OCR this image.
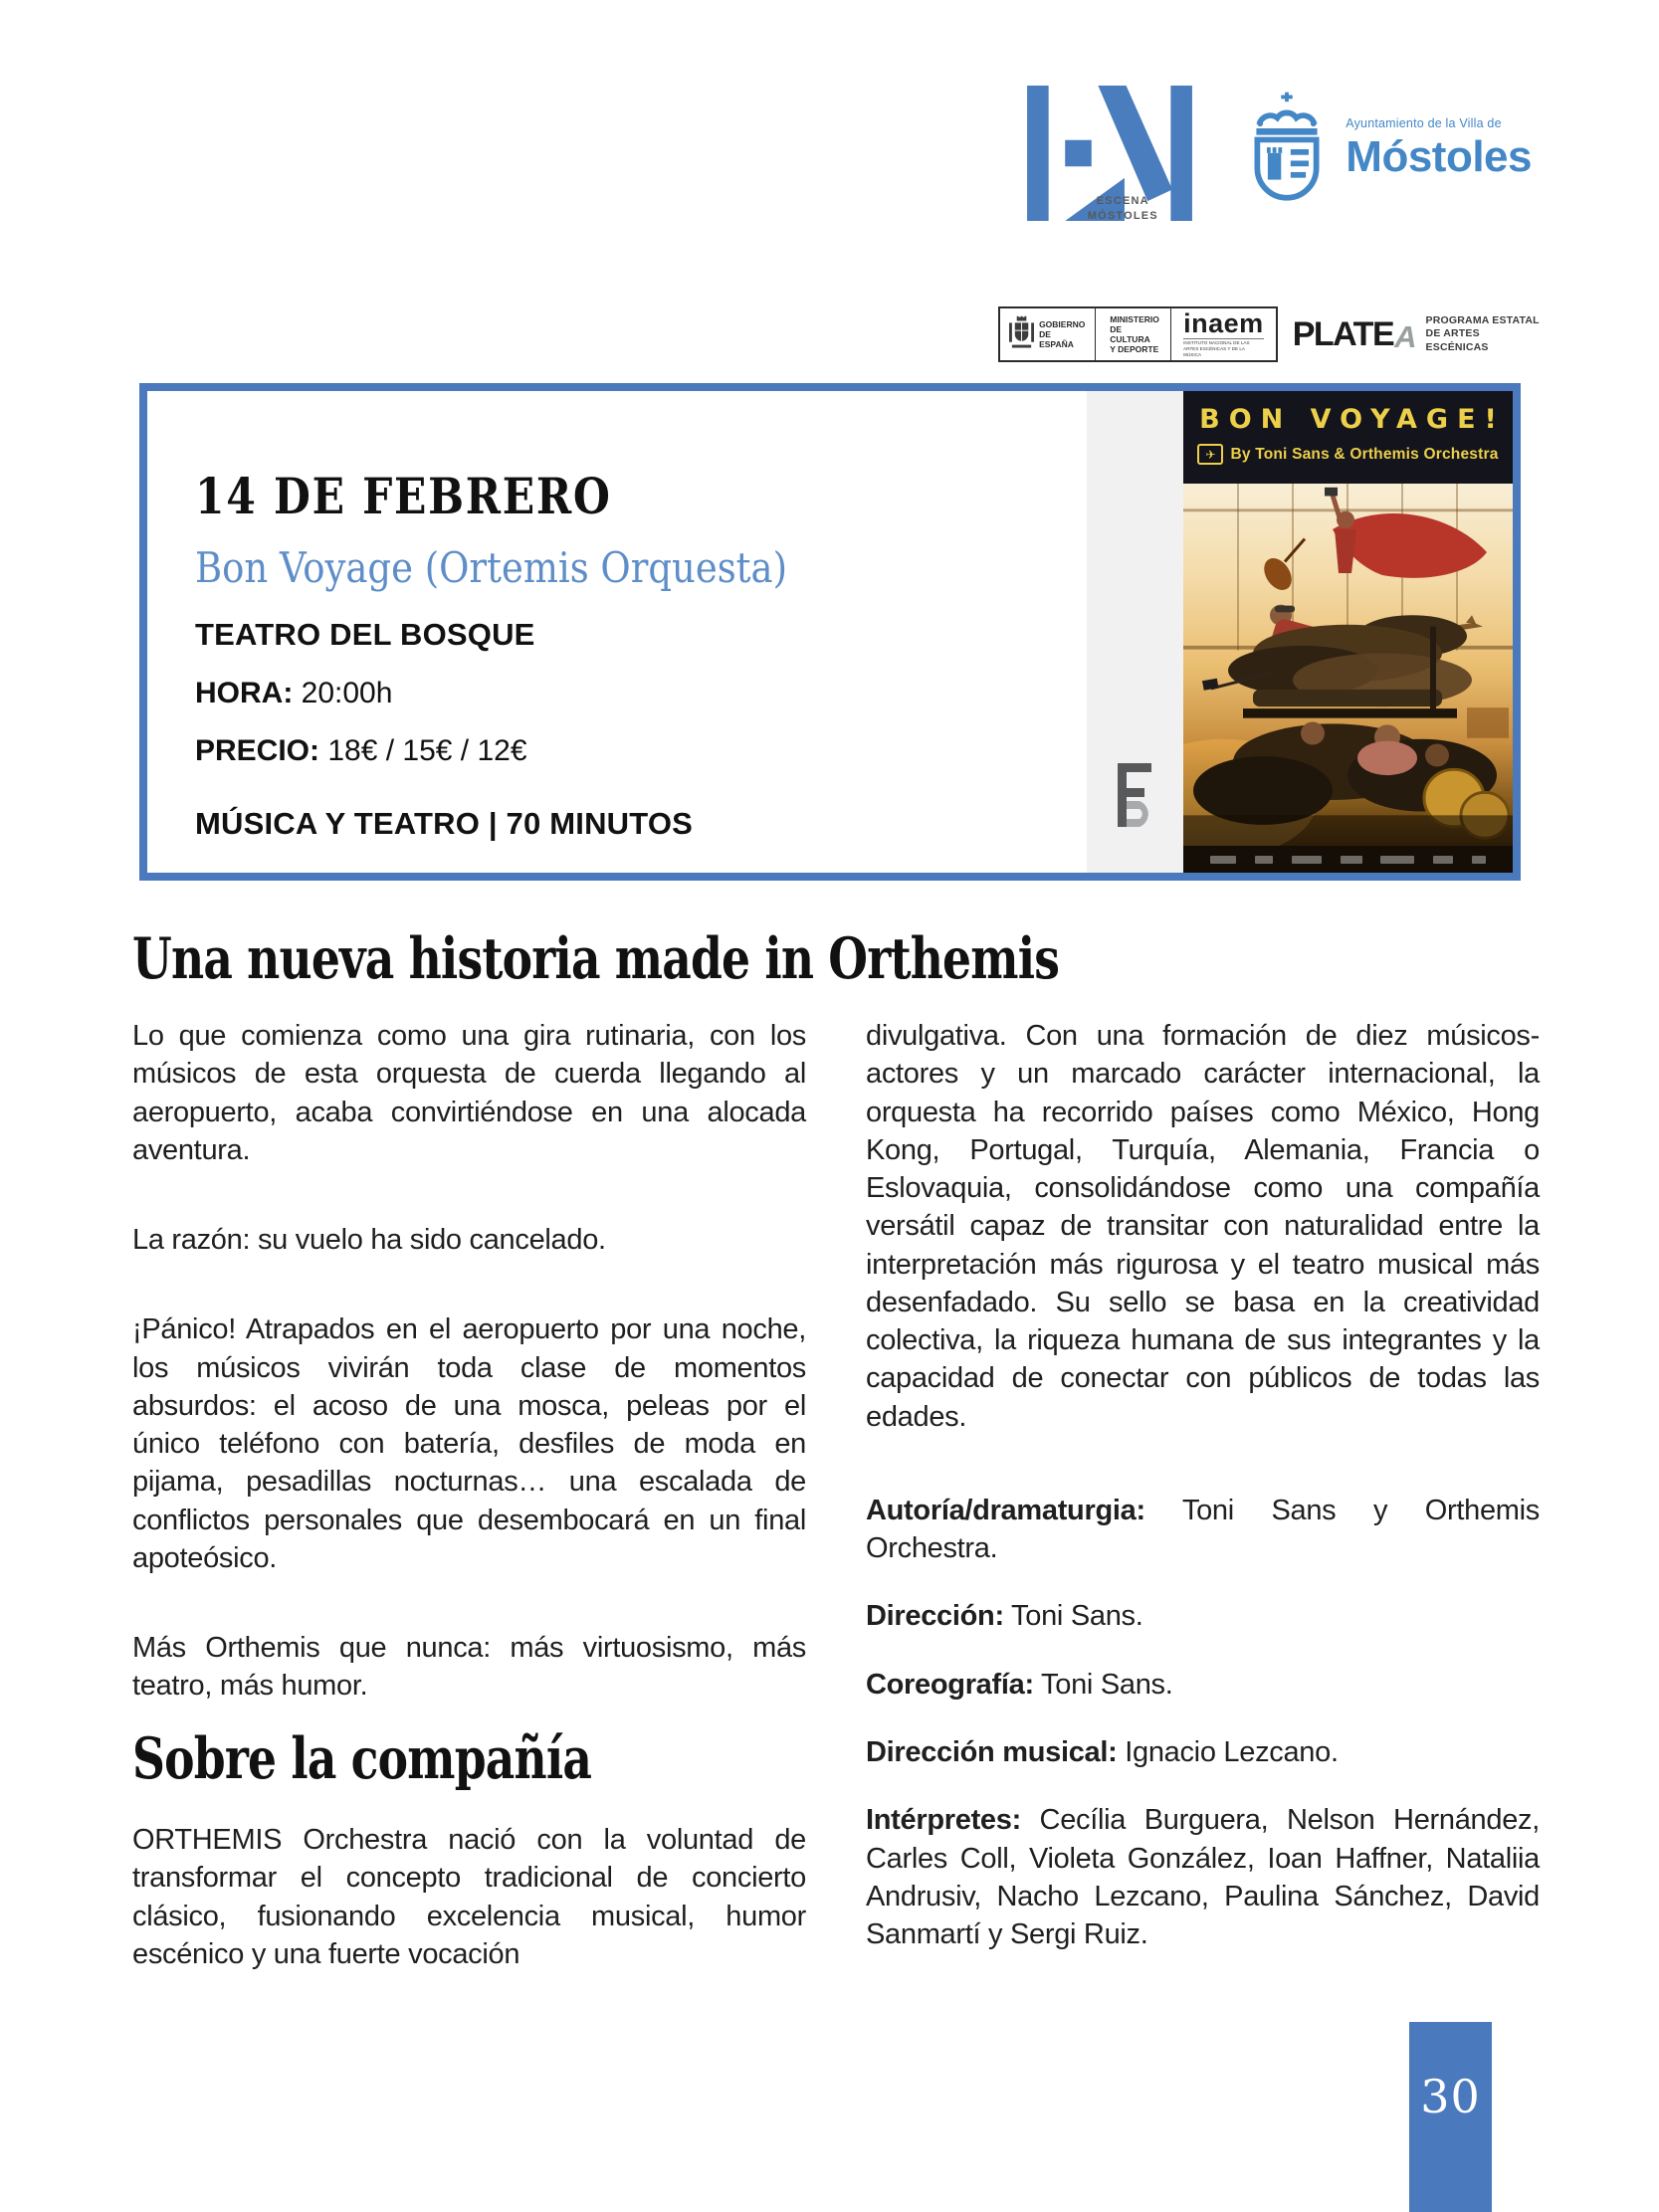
ESCENA
MÓSTOLES
Ayuntamiento de la Villa de
Móstoles
GOBIERNO
DE ESPAÑA
MINISTERIO
DE CULTURA
Y DEPORTE
inaem
INSTITUTO NACIONAL DE LAS
ARTES ESCÉNICAS Y DE LA MÚSICA
PLATE A PROGRAMA ESTATAL
DE ARTES ESCÉNICAS
14 DE FEBRERO
Bon Voyage (Ortemis Orquesta)
TEATRO DEL BOSQUE
HORA: 20:00h
PRECIO: 18€ / 15€ / 12€
MÚSICA Y TEATRO | 70 MINUTOS
BON VOYAGE!
✈ By Toni Sans & Orthemis Orchestra
Una nueva historia made in Orthemis

Lo que comienza como una gira rutinaria, con los músicos de esta orquesta de cuerda llegando al aeropuerto, acaba convirtiéndose en una alocada aventura.

La razón: su vuelo ha sido cancelado.

¡Pánico! Atrapados en el aeropuerto por una noche, los músicos vivirán toda clase de momentos absurdos: el acoso de una mosca, peleas por el único teléfono con batería, desfiles de moda en pijama, pesadillas nocturnas… una escalada de conflictos personales que desembocará en un final apoteósico.

Más Orthemis que nunca: más virtuosismo, más teatro, más humor.

Sobre la compañía

ORTHEMIS Orchestra nació con la voluntad de transformar el concepto tradicional de concierto clásico, fusionando excelencia musical, humor escénico y una fuerte vocación

divulgativa. Con una formación de diez músicos-actores y un marcado carácter internacional, la orquesta ha recorrido países como México, Hong Kong, Portugal, Turquía, Alemania, Francia o Eslovaquia, consolidándose como una compañía versátil capaz de transitar con naturalidad entre la interpretación más rigurosa y el teatro musical más desenfadado. Su sello se basa en la creatividad colectiva, la riqueza humana de sus integrantes y la capacidad de conectar con públicos de todas las edades.

Autoría/dramaturgia: Toni Sans y Orthemis Orchestra.

Dirección: Toni Sans.

Coreografía: Toni Sans.

Dirección musical: Ignacio Lezcano.

Intérpretes: Cecília Burguera, Nelson Hernández, Carles Coll, Violeta González, Ioan Haffner, Nataliia Andrusiv, Nacho Lezcano, Paulina Sánchez, David Sanmartí y Sergi Ruiz.

30
